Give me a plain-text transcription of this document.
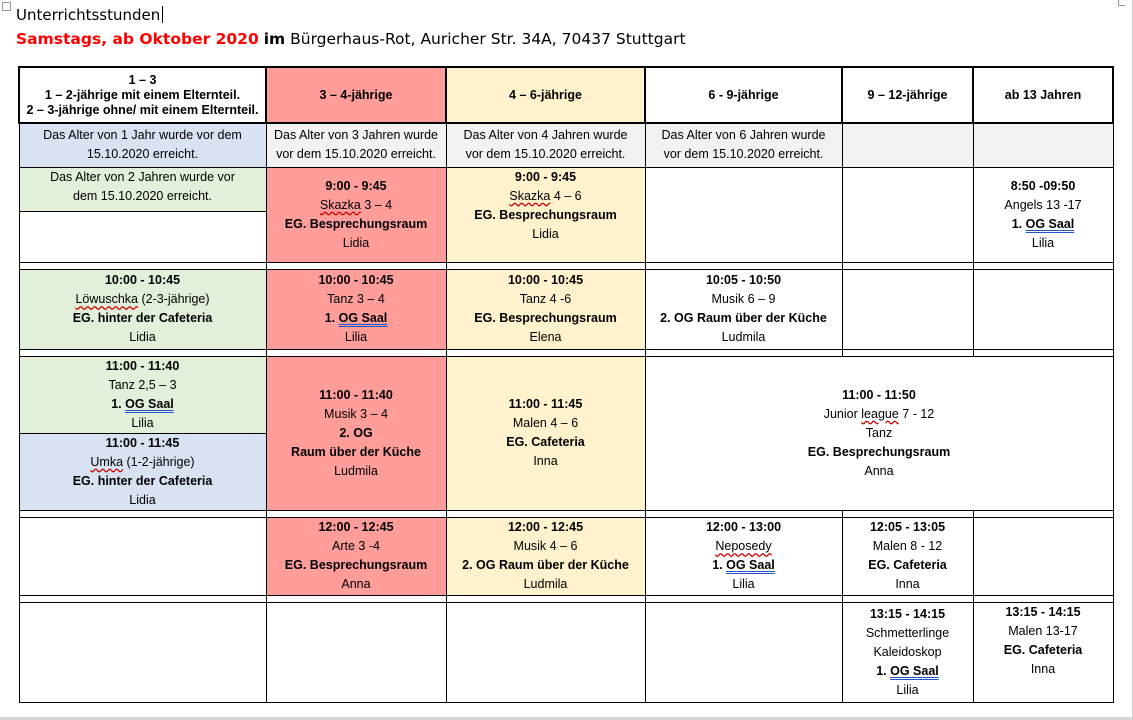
Unterrichtsstunden
Samstags, ab Oktober 2020 im Bürgerhaus-Rot, Auricher Str. 34A, 70437 Stuttgart
1 – 3
1 – 2-jährige mit einem Elternteil.
2 – 3-jährige ohne/ mit einem Elternteil.	3 – 4-jährige	4 – 6-jährige	6 - 9-jährige	9 – 12-jährige	ab 13 Jahren

Das Alter von 1 Jahr wurde vor dem
15.10.2020 erreicht.	Das Alter von 3 Jahren wurde
vor dem 15.10.2020 erreicht.	Das Alter von 4 Jahren wurde
vor dem 15.10.2020 erreicht.	Das Alter von 6 Jahren wurde
vor dem 15.10.2020 erreicht.		

Das Alter von 2 Jahren wurde vor
dem 15.10.2020 erreicht.	9:00 - 9:45
Skazka 3 – 4
EG. Besprechungsraum
Lidia	9:00 - 9:45
Skazka 4 – 6
EG. Besprechungsraum
Lidia			8:50 -09:50
Angels 13 -17
1. OG Saal
Lilia

10:00 - 10:45
Löwuschka (2-3-jährige)
EG. hinter der Cafeteria
Lidia	10:00 - 10:45
Tanz 3 – 4
1. OG Saal
Lilia	10:00 - 10:45
Tanz 4 -6
EG. Besprechungsraum
Elena	10:05 - 10:50
Musik 6 – 9
2. OG Raum über der Küche
Ludmila		

11:00 - 11:40
Tanz 2,5 – 3
1. OG Saal
Lilia	11:00 - 11:40
Musik 3 – 4
2. OG
Raum über der Küche
Ludmila	11:00 - 11:45
Malen 4 – 6
EG. Cafeteria
Inna	11:00 - 11:50
Junior league 7 - 12
Tanz
EG. Besprechungsraum
Anna		

11:00 - 11:45
Umka (1-2-jährige)
EG. hinter der Cafeteria
Lidia					

	12:00 - 12:45
Arte 3 -4
EG. Besprechungsraum
Anna	12:00 - 12:45
Musik 4 – 6
2. OG Raum über der Küche
Ludmila	12:00 - 13:00
Neposedy
1. OG Saal
Lilia	12:05 - 13:05
Malen 8 - 12
EG. Cafeteria
Inna	

				13:15 - 14:15
Schmetterlinge
Kaleidoskop
1. OG Saal
Lilia	13:15 - 14:15
Malen 13-17
EG. Cafeteria
Inna
